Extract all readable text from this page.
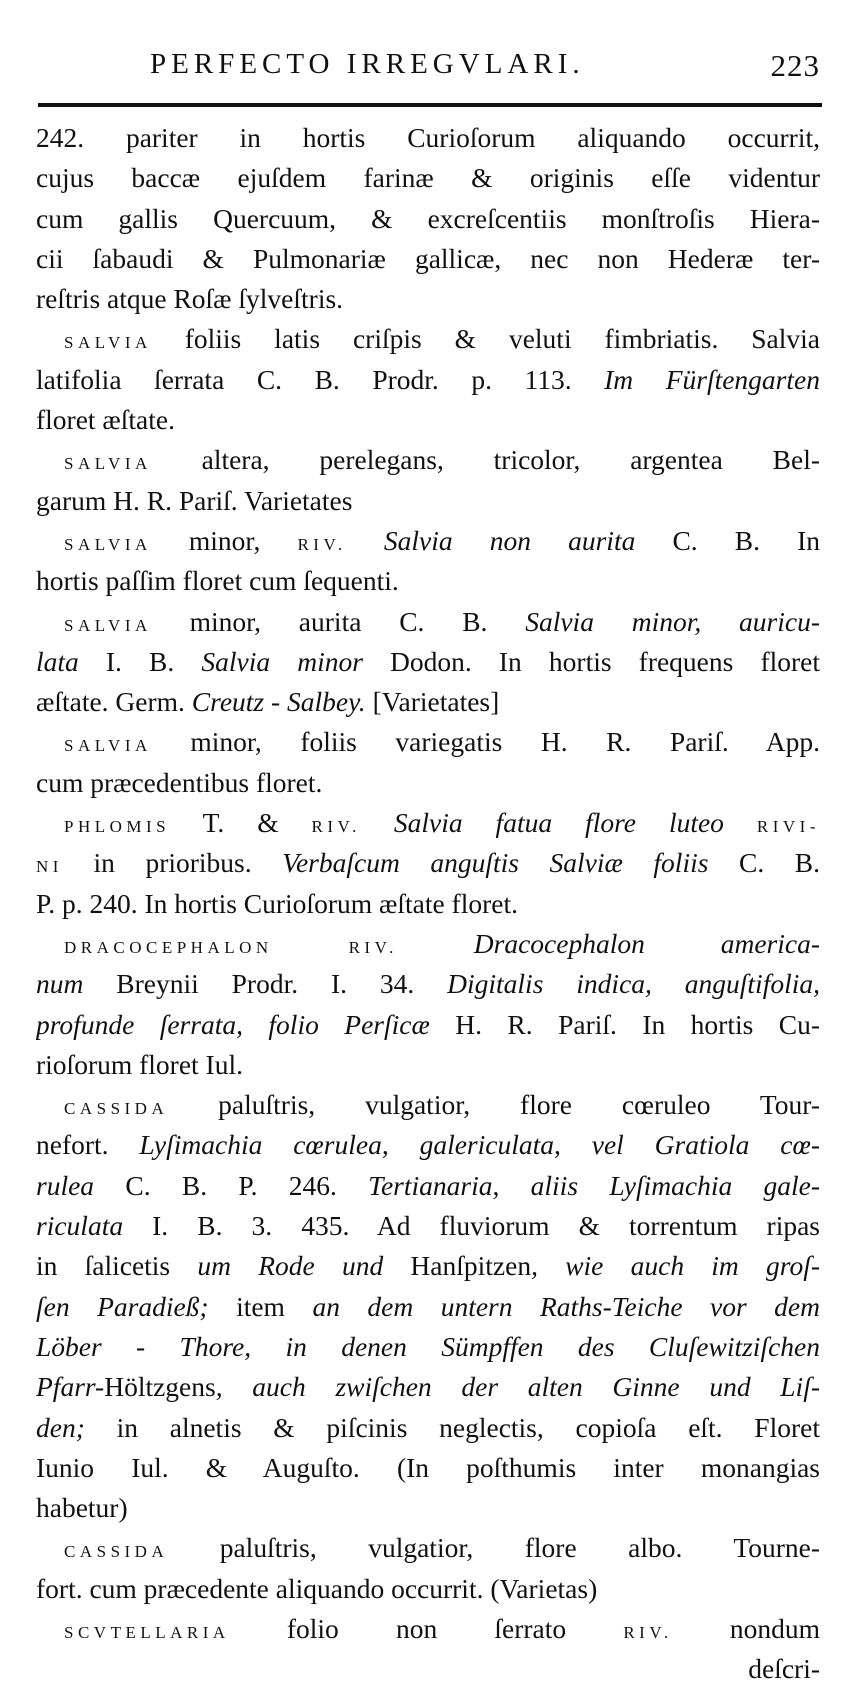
PERFECTO IRREGVLARI.	223
242. pariter in hortis Curioſorum aliquando occurrit,
cujus baccæ ejuſdem farinæ & originis eſſe videntur
cum gallis Quercuum, & excreſcentiis monſtroſis Hiera-
cii ſabaudi & Pulmonariæ gallicæ, nec non Hederæ ter-
reſtris atque Roſæ ſylveſtris.
SALVIA foliis latis criſpis & veluti fimbriatis. Salvia
latifolia ſerrata C. B. Prodr. p. 113. Im Fürſtengarten
floret æſtate.
SALVIA altera, perelegans, tricolor, argentea Bel-
garum H. R. Pariſ. Varietates
SALVIA minor, RIV. Salvia non aurita C. B. In
hortis paſſim floret cum ſequenti.
SALVIA minor, aurita C. B. Salvia minor, auricu-
lata I. B. Salvia minor Dodon. In hortis frequens floret
æſtate. Germ. Creutz - Salbey. [Varietates]
SALVIA minor, foliis variegatis H. R. Pariſ. App.
cum præcedentibus floret.
PHLOMIS T. & RIV. Salvia fatua flore luteo RIVI-
NI in prioribus. Verbaſcum anguſtis Salviæ foliis C. B.
P. p. 240. In hortis Curioſorum æſtate floret.
DRACOCEPHALON	RIV.	Dracocephalon america-
num Breynii Prodr. I. 34. Digitalis indica, anguſtifolia,
profunde ſerrata, folio Perſicæ H. R. Pariſ. In hortis Cu-
rioſorum floret Iul.
CASSIDA paluſtris, vulgatior, flore cœruleo Tour-
nefort. Lyſimachia cœrulea, galericulata, vel Gratiola cœ-
rulea C. B. P. 246. Tertianaria, aliis Lyſimachia gale-
riculata I. B. 3. 435. Ad fluviorum & torrentum ripas
in ſalicetis um Rode und Hanſpitzen, wie auch im groſ-
ſen Paradieß; item an dem untern Raths-Teiche vor dem
Löber - Thore, in denen Sümpffen des Cluſewitziſchen
Pfarr-Höltzgens, auch zwiſchen der alten Ginne und Liſ-
den; in alnetis & piſcinis neglectis, copioſa eſt. Floret
Iunio Iul. & Auguſto. (In poſthumis inter monangias
habetur)
CASSIDA paluſtris, vulgatior, flore albo. Tourne-
fort. cum præcedente aliquando occurrit. (Varietas)
SCVTELLARIA folio non ſerrato RIV. nondum
deſcri-
